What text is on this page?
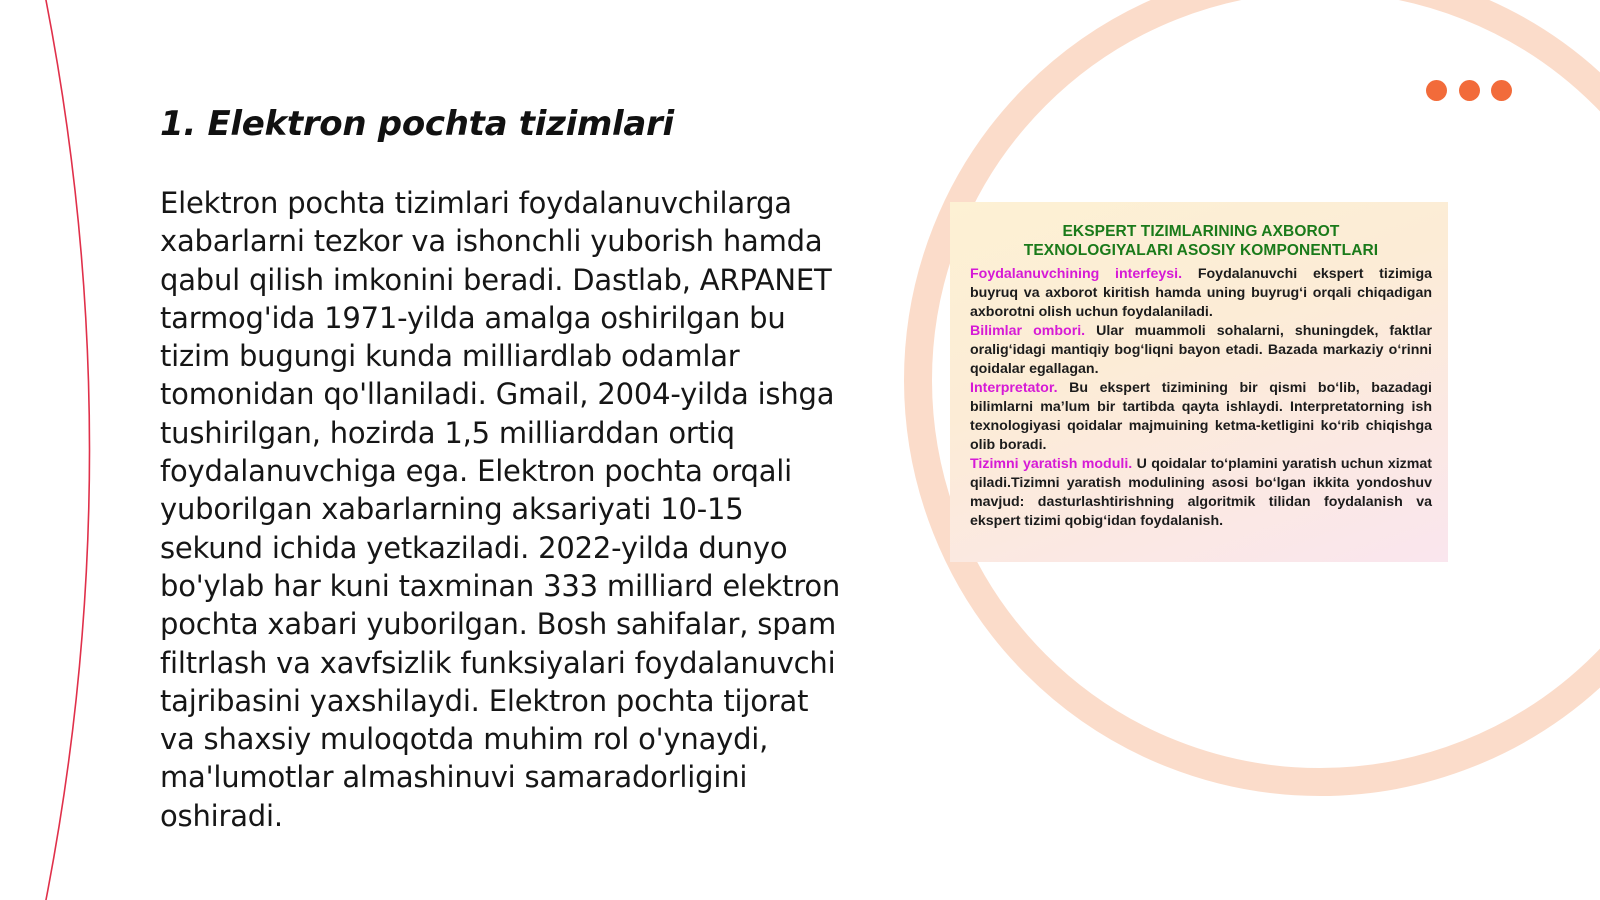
1. Elektron pochta tizimlari

Elektron pochta tizimlari foydalanuvchilarga xabarlarni tezkor va ishonchli yuborish hamda qabul qilish imkonini beradi. Dastlab, ARPANET tarmog'ida 1971-yilda amalga oshirilgan bu tizim bugungi kunda milliardlab odamlar tomonidan qo'llaniladi. Gmail, 2004-yilda ishga tushirilgan, hozirda 1,5 milliarddan ortiq foydalanuvchiga ega. Elektron pochta orqali yuborilgan xabarlarning aksariyati 10-15 sekund ichida yetkaziladi. 2022-yilda dunyo bo'ylab har kuni taxminan 333 milliard elektron pochta xabari yuborilgan. Bosh sahifalar, spam filtrlash va xavfsizlik funksiyalari foydalanuvchi tajribasini yaxshilaydi. Elektron pochta tijorat va shaxsiy muloqotda muhim rol o'ynaydi, ma'lumotlar almashinuvi samaradorligini oshiradi.

EKSPERT TIZIMLARINING AXBOROT
TEXNOLOGIYALARI ASOSIY KOMPONENTLARI

Foydalanuvchining interfeysi. Foydalanuvchi ekspert tizimiga buyruq va axborot kiritish hamda uning buyrug‘i orqali chiqadigan axborotni olish uchun foydalaniladi.

Bilimlar ombori. Ular muammoli sohalarni, shuningdek, faktlar oralig‘idagi mantiqiy bog‘liqni bayon etadi. Bazada markaziy o‘rinni qoidalar egallagan.

Interpretator. Bu ekspert tizimining bir qismi bo‘lib, bazadagi bilimlarni ma’lum bir tartibda qayta ishlaydi. Interpretatorning ish texnologiyasi qoidalar majmuining ketma-ketligini ko‘rib chiqishga olib boradi.

Tizimni yaratish moduli. U qoidalar to‘plamini yaratish uchun xizmat qiladi.Tizimni yaratish modulining asosi bo‘lgan ikkita yondoshuv mavjud: dasturlashtirishning algoritmik tilidan foydalanish va ekspert tizimi qobig‘idan foydalanish.
